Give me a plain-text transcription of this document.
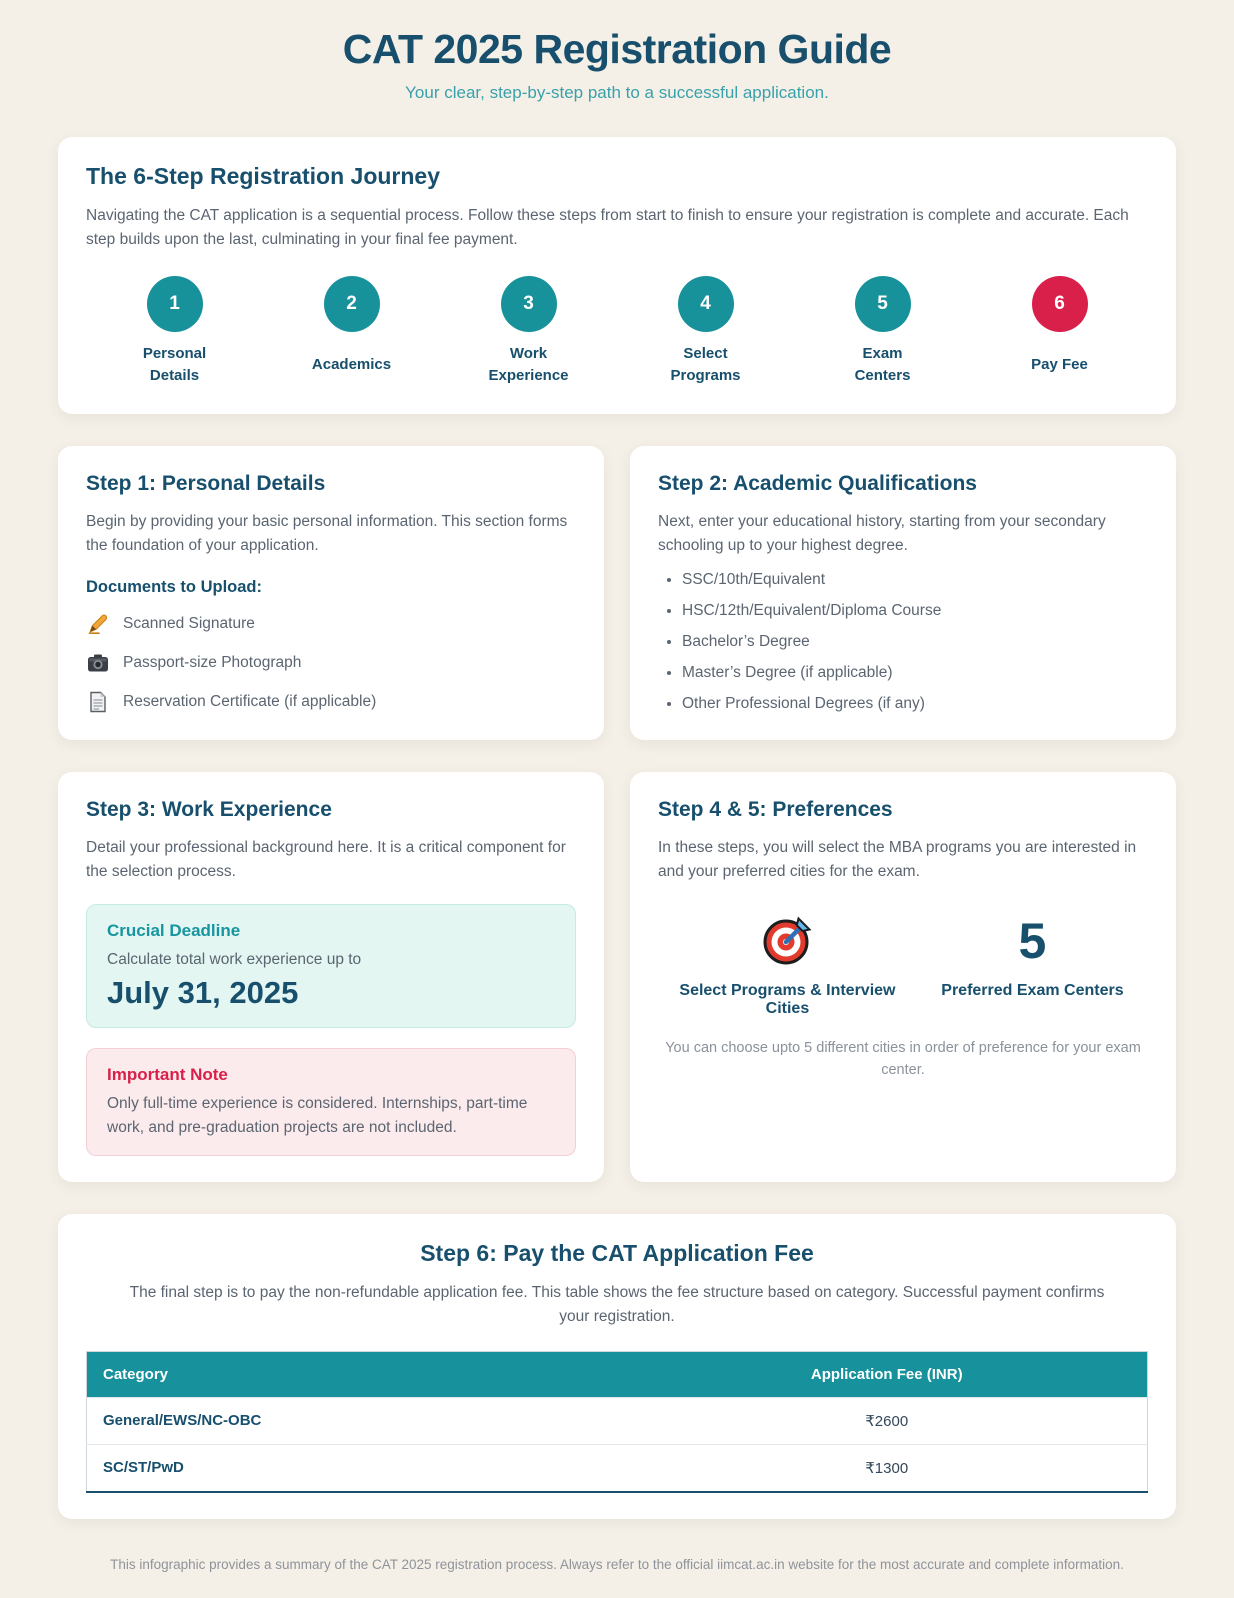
CAT 2025 Registration Guide
Your clear, step-by-step path to a successful application.
The 6-Step Registration Journey

Navigating the CAT application is a sequential process. Follow these steps from start to finish to ensure your registration is complete and accurate. Each step builds upon the last, culminating in your final fee payment.

1
Personal Details
2
Academics
3
Work Experience
4
Select Programs
5
Exam Centers
6
Pay Fee
Step 1: Personal Details

Begin by providing your basic personal information. This section forms the foundation of your application.

Documents to Upload:
Scanned Signature
Passport-size Photograph
Reservation Certificate (if applicable)
Step 2: Academic Qualifications

Next, enter your educational history, starting from your secondary schooling up to your highest degree.

• SSC/10th/Equivalent
• HSC/12th/Equivalent/Diploma Course
• Bachelor’s Degree
• Master’s Degree (if applicable)
• Other Professional Degrees (if any)
Step 3: Work Experience

Detail your professional background here. It is a critical component for the selection process.

Crucial Deadline
Calculate total work experience up to
July 31, 2025
Important Note
Only full-time experience is considered. Internships, part-time work, and pre-graduation projects are not included.
Step 4 & 5: Preferences

In these steps, you will select the MBA programs you are interested in and your preferred cities for the exam.

Select Programs & Interview Cities
5
Preferred Exam Centers

You can choose upto 5 different cities in order of preference for your exam center.

Step 6: Pay the CAT Application Fee

The final step is to pay the non-refundable application fee. This table shows the fee structure based on category. Successful payment confirms your registration.

Category	Application Fee (INR)
General/EWS/NC-OBC	₹2600
SC/ST/PwD	₹1300

This infographic provides a summary of the CAT 2025 registration process. Always refer to the official iimcat.ac.in website for the most accurate and complete information.
